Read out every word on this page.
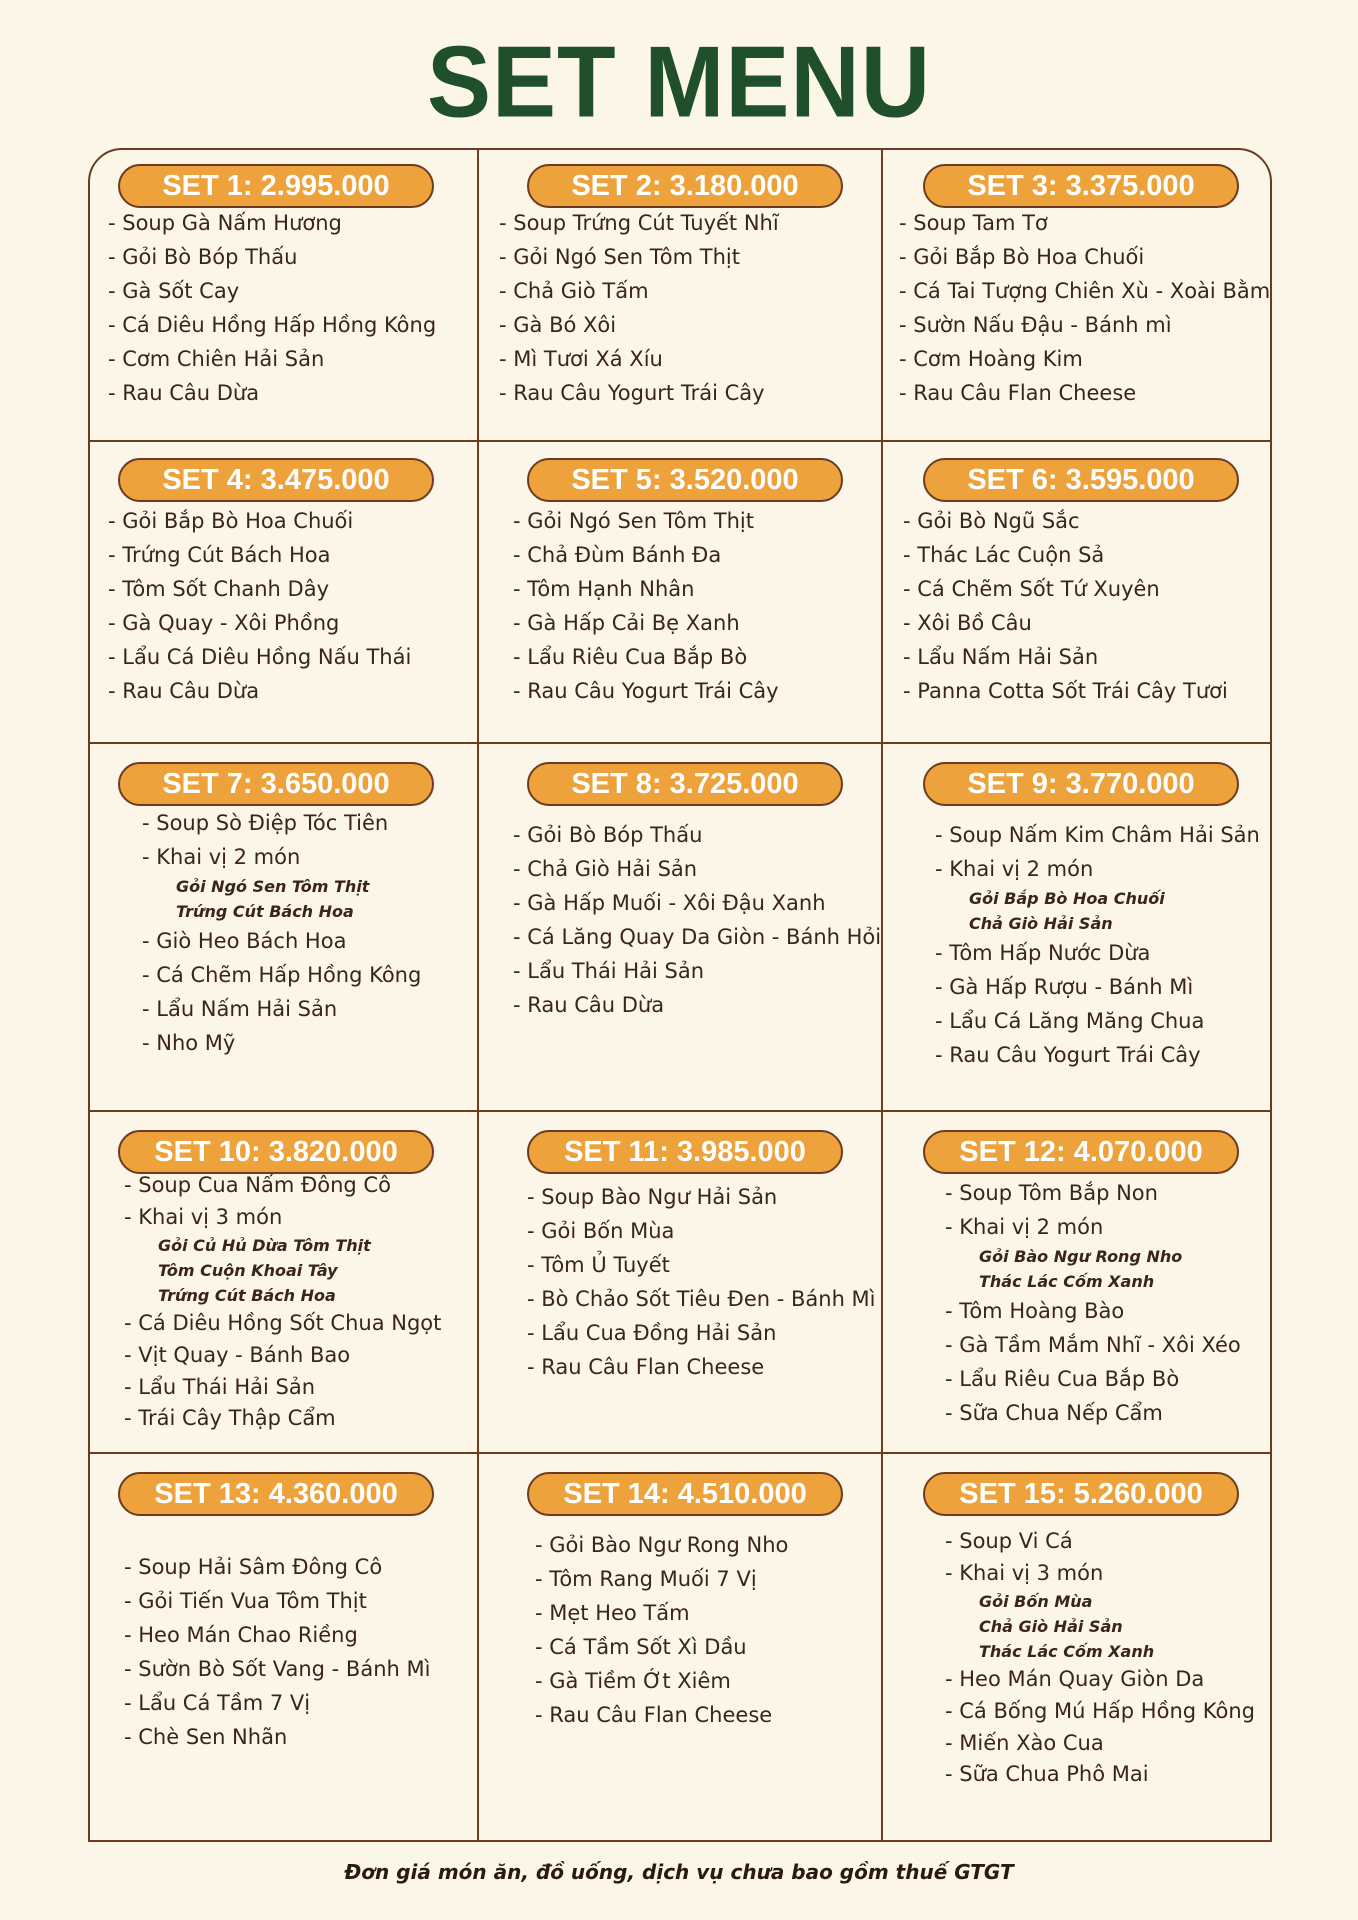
SET MENU
SET 1: 2.995.000
- Soup Gà Nấm Hương
- Gỏi Bò Bóp Thấu
- Gà Sốt Cay
- Cá Diêu Hồng Hấp Hồng Kông
- Cơm Chiên Hải Sản
- Rau Câu Dừa
SET 2: 3.180.000
- Soup Trứng Cút Tuyết Nhĩ
- Gỏi Ngó Sen Tôm Thịt
- Chả Giò Tấm
- Gà Bó Xôi
- Mì Tươi Xá Xíu
- Rau Câu Yogurt Trái Cây
SET 3: 3.375.000
- Soup Tam Tơ
- Gỏi Bắp Bò Hoa Chuối
- Cá Tai Tượng Chiên Xù - Xoài Bằm
- Sườn Nấu Đậu - Bánh mì
- Cơm Hoàng Kim
- Rau Câu Flan Cheese
SET 4: 3.475.000
- Gỏi Bắp Bò Hoa Chuối
- Trứng Cút Bách Hoa
- Tôm Sốt Chanh Dây
- Gà Quay - Xôi Phồng
- Lẩu Cá Diêu Hồng Nấu Thái
- Rau Câu Dừa
SET 5: 3.520.000
- Gỏi Ngó Sen Tôm Thịt
- Chả Đùm Bánh Đa
- Tôm Hạnh Nhân
- Gà Hấp Cải Bẹ Xanh
- Lẩu Riêu Cua Bắp Bò
- Rau Câu Yogurt Trái Cây
SET 6: 3.595.000
- Gỏi Bò Ngũ Sắc
- Thác Lác Cuộn Sả
- Cá Chẽm Sốt Tứ Xuyên
- Xôi Bồ Câu
- Lẩu Nấm Hải Sản
- Panna Cotta Sốt Trái Cây Tươi
SET 7: 3.650.000
- Soup Sò Điệp Tóc Tiên
- Khai vị 2 món
Gỏi Ngó Sen Tôm Thịt
Trứng Cút Bách Hoa
- Giò Heo Bách Hoa
- Cá Chẽm Hấp Hồng Kông
- Lẩu Nấm Hải Sản
- Nho Mỹ
SET 8: 3.725.000
- Gỏi Bò Bóp Thấu
- Chả Giò Hải Sản
- Gà Hấp Muối - Xôi Đậu Xanh
- Cá Lăng Quay Da Giòn - Bánh Hỏi
- Lẩu Thái Hải Sản
- Rau Câu Dừa
SET 9: 3.770.000
- Soup Nấm Kim Châm Hải Sản
- Khai vị 2 món
Gỏi Bắp Bò Hoa Chuối
Chả Giò Hải Sản
- Tôm Hấp Nước Dừa
- Gà Hấp Rượu - Bánh Mì
- Lẩu Cá Lăng Măng Chua
- Rau Câu Yogurt Trái Cây
SET 10: 3.820.000
- Soup Cua Nấm Đông Cô
- Khai vị 3 món
Gỏi Củ Hủ Dừa Tôm Thịt
Tôm Cuộn Khoai Tây
Trứng Cút Bách Hoa
- Cá Diêu Hồng Sốt Chua Ngọt
- Vịt Quay - Bánh Bao
- Lẩu Thái Hải Sản
- Trái Cây Thập Cẩm
SET 11: 3.985.000
- Soup Bào Ngư Hải Sản
- Gỏi Bốn Mùa
- Tôm Ủ Tuyết
- Bò Chảo Sốt Tiêu Đen - Bánh Mì
- Lẩu Cua Đồng Hải Sản
- Rau Câu Flan Cheese
SET 12: 4.070.000
- Soup Tôm Bắp Non
- Khai vị 2 món
Gỏi Bào Ngư Rong Nho
Thác Lác Cốm Xanh
- Tôm Hoàng Bào
- Gà Tầm Mắm Nhĩ - Xôi Xéo
- Lẩu Riêu Cua Bắp Bò
- Sữa Chua Nếp Cẩm
SET 13: 4.360.000
- Soup Hải Sâm Đông Cô
- Gỏi Tiến Vua Tôm Thịt
- Heo Mán Chao Riềng
- Sườn Bò Sốt Vang - Bánh Mì
- Lẩu Cá Tầm 7 Vị
- Chè Sen Nhãn
SET 14: 4.510.000
- Gỏi Bào Ngư Rong Nho
- Tôm Rang Muối 7 Vị
- Mẹt Heo Tấm
- Cá Tầm Sốt Xì Dầu
- Gà Tiềm Ớt Xiêm
- Rau Câu Flan Cheese
SET 15: 5.260.000
- Soup Vi Cá
- Khai vị 3 món
Gỏi Bốn Mùa
Chả Giò Hải Sản
Thác Lác Cốm Xanh
- Heo Mán Quay Giòn Da
- Cá Bống Mú Hấp Hồng Kông
- Miến Xào Cua
- Sữa Chua Phô Mai
Đơn giá món ăn, đồ uống, dịch vụ chưa bao gồm thuế GTGT
